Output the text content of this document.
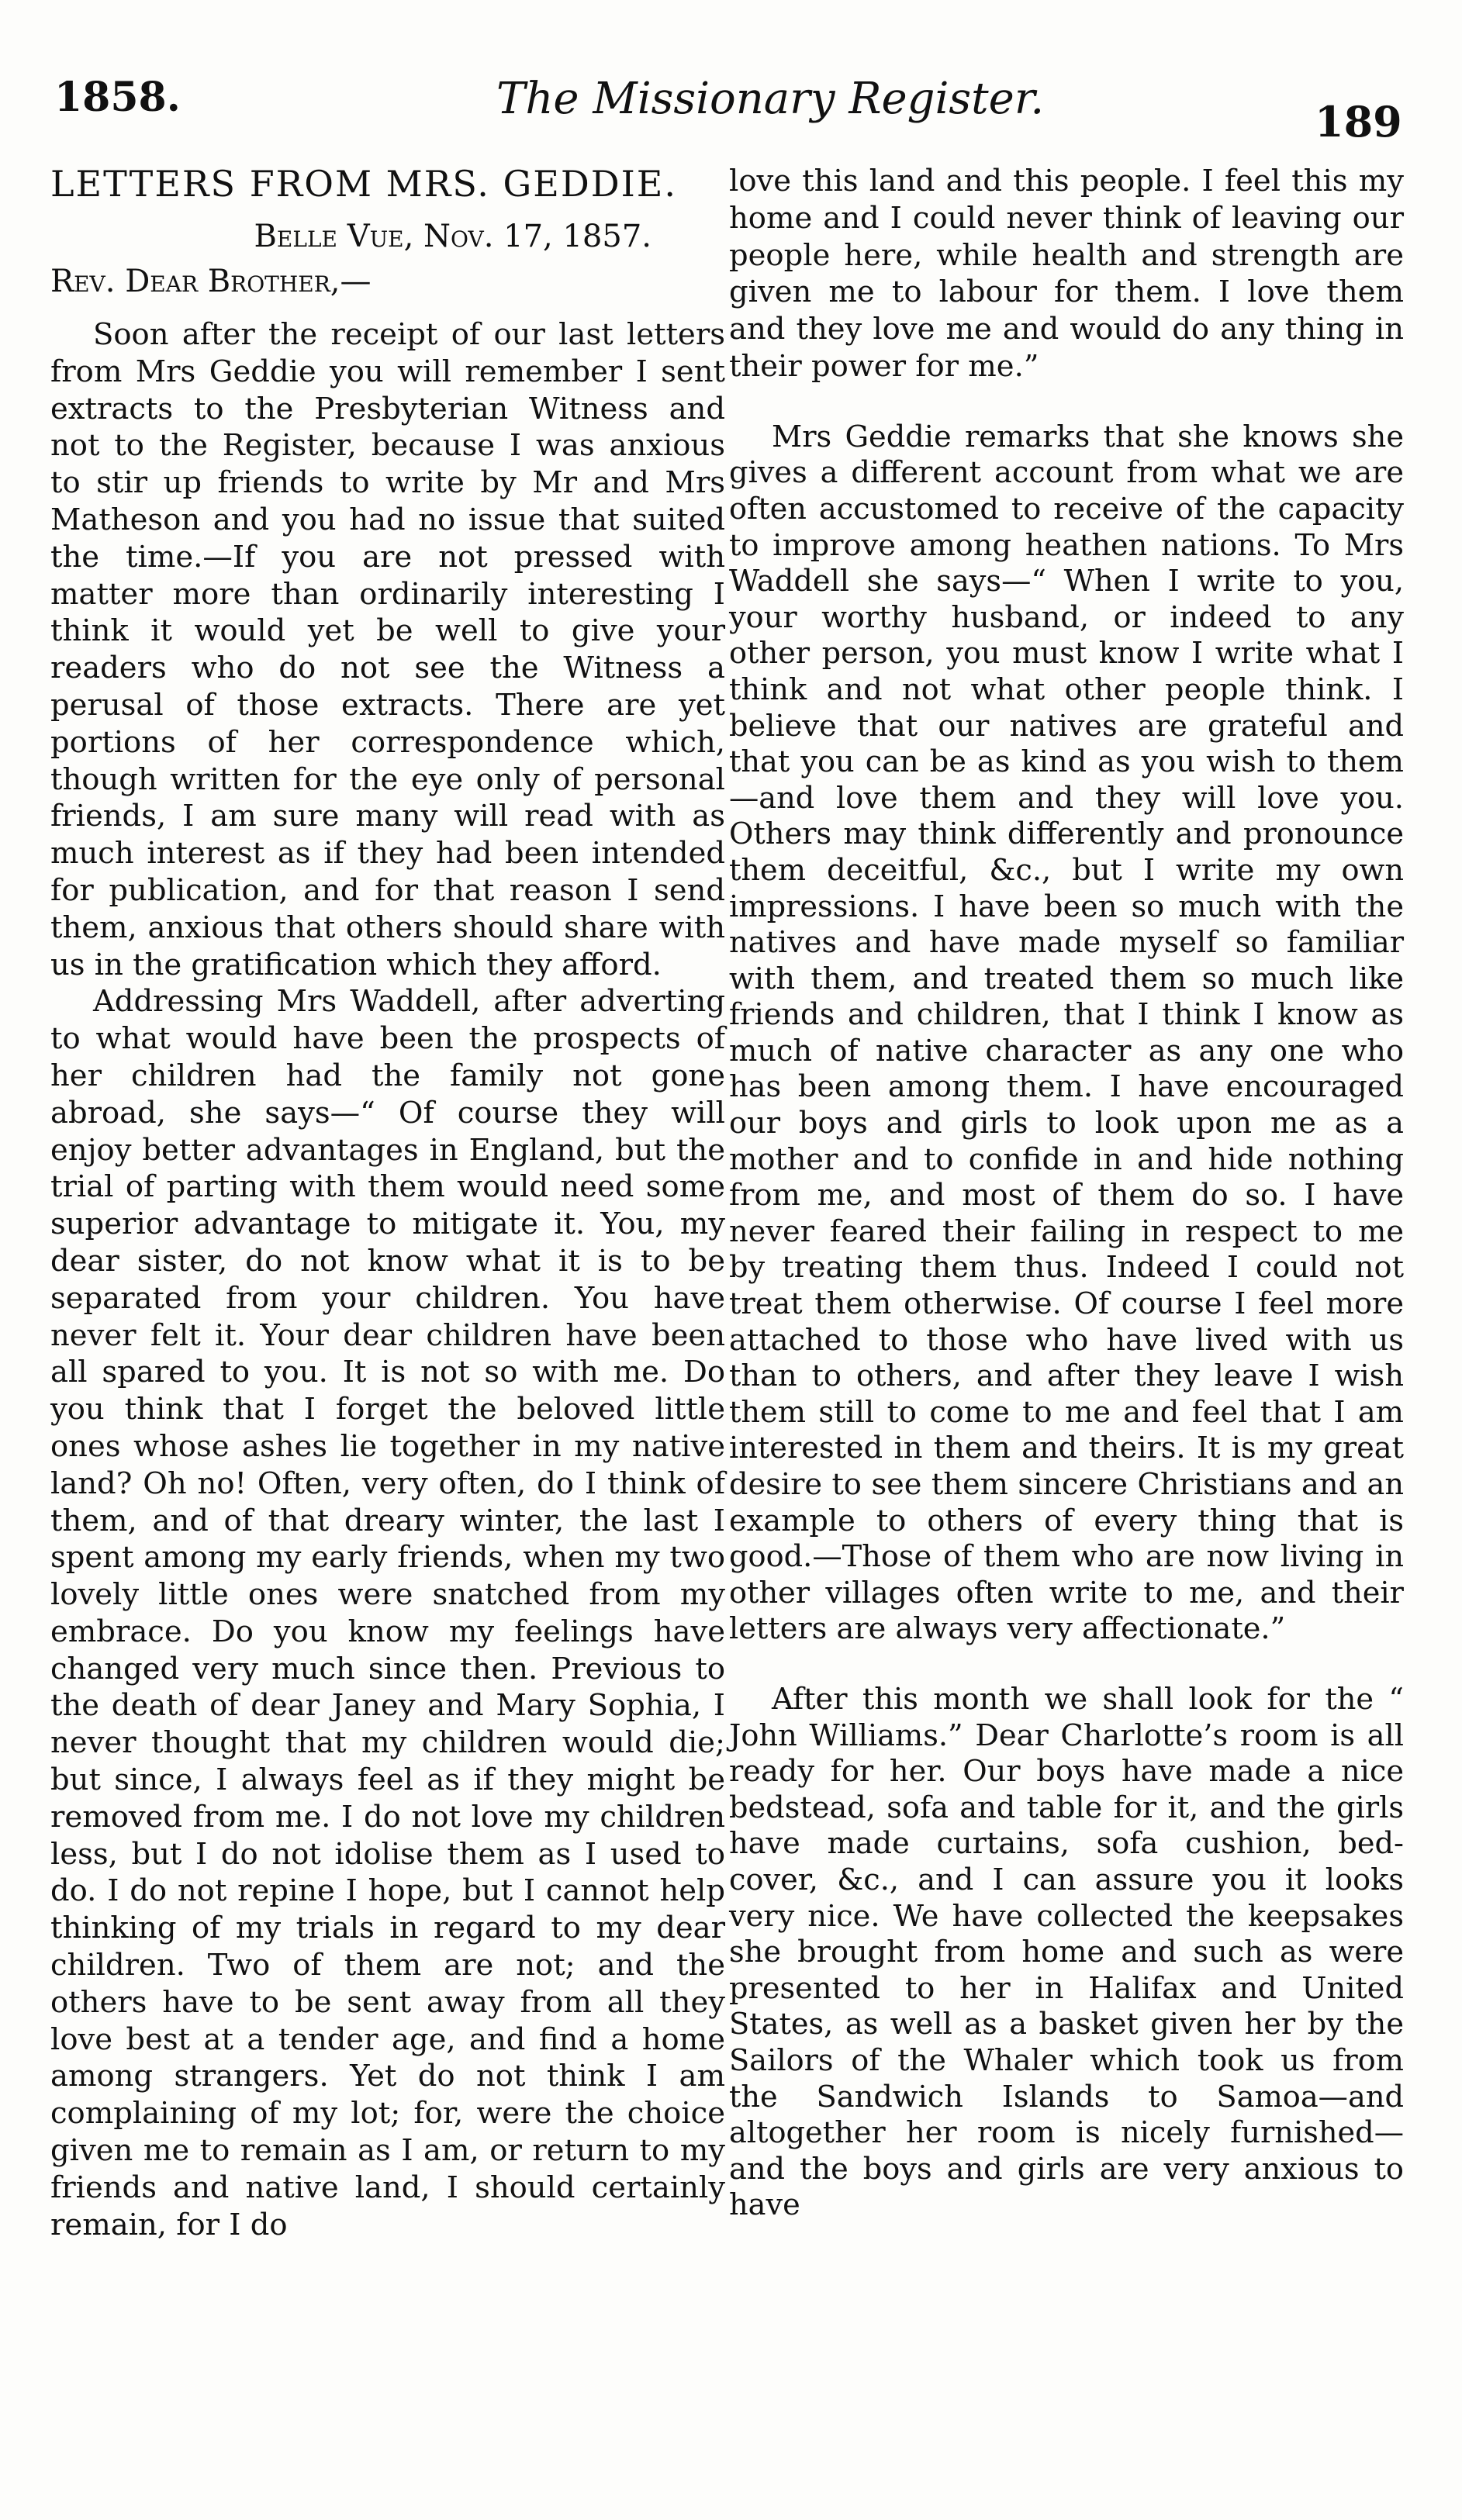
1858.	The Missionary Register.	189
LETTERS FROM MRS. GEDDIE.
Belle Vue, Nov. 17, 1857.
Rev. Dear Brother,—

Soon after the receipt of our last letters from Mrs Geddie you will remember I sent extracts to the Presbyterian Witness and not to the Register, because I was anxious to stir up friends to write by Mr and Mrs Matheson and you had no issue that suited the time.—If you are not pressed with matter more than ordinarily interesting I think it would yet be well to give your readers who do not see the Witness a perusal of those extracts. There are yet portions of her correspondence which, though written for the eye only of personal friends, I am sure many will read with as much interest as if they had been intended for publication, and for that reason I send them, anxious that others should share with us in the gratification which they afford.

Addressing Mrs Waddell, after adverting to what would have been the prospects of her children had the family not gone abroad, she says—“ Of course they will enjoy better advantages in England, but the trial of parting with them would need some superior advantage to mitigate it. You, my dear sister, do not know what it is to be separated from your children. You have never felt it. Your dear children have been all spared to you. It is not so with me. Do you think that I forget the beloved little ones whose ashes lie together in my native land? Oh no! Often, very often, do I think of them, and of that dreary winter, the last I spent among my early friends, when my two lovely little ones were snatched from my embrace. Do you know my feelings have changed very much since then. Previous to the death of dear Janey and Mary Sophia, I never thought that my children would die; but since, I always feel as if they might be removed from me. I do not love my children less, but I do not idolise them as I used to do. I do not repine I hope, but I cannot help thinking of my trials in regard to my dear children. Two of them are not; and the others have to be sent away from all they love best at a tender age, and find a home among strangers. Yet do not think I am complaining of my lot; for, were the choice given me to remain as I am, or return to my friends and native land, I should certainly remain, for I do

love this land and this people. I feel this my home and I could never think of leaving our people here, while health and strength are given me to labour for them. I love them and they love me and would do any thing in their power for me.”

Mrs Geddie remarks that she knows she gives a different account from what we are often accustomed to receive of the capacity to improve among heathen nations. To Mrs Waddell she says—“ When I write to you, your worthy husband, or indeed to any other person, you must know I write what I think and not what other people think. I believe that our natives are grateful and that you can be as kind as you wish to them—and love them and they will love you. Others may think differently and pronounce them deceitful, &c., but I write my own impressions. I have been so much with the natives and have made myself so familiar with them, and treated them so much like friends and children, that I think I know as much of native character as any one who has been among them. I have encouraged our boys and girls to look upon me as a mother and to confide in and hide nothing from me, and most of them do so. I have never feared their failing in respect to me by treating them thus. Indeed I could not treat them otherwise. Of course I feel more attached to those who have lived with us than to others, and after they leave I wish them still to come to me and feel that I am interested in them and theirs. It is my great desire to see them sincere Christians and an example to others of every thing that is good.—Those of them who are now living in other villages often write to me, and their letters are always very affectionate.”

After this month we shall look for the “ John Williams.” Dear Charlotte’s room is all ready for her. Our boys have made a nice bedstead, sofa and table for it, and the girls have made curtains, sofa cushion, bed-cover, &c., and I can assure you it looks very nice. We have collected the keepsakes she brought from home and such as were presented to her in Halifax and United States, as well as a basket given her by the Sailors of the Whaler which took us from the Sandwich Islands to Samoa—and altogether her room is nicely furnished—and the boys and girls are very anxious to have
